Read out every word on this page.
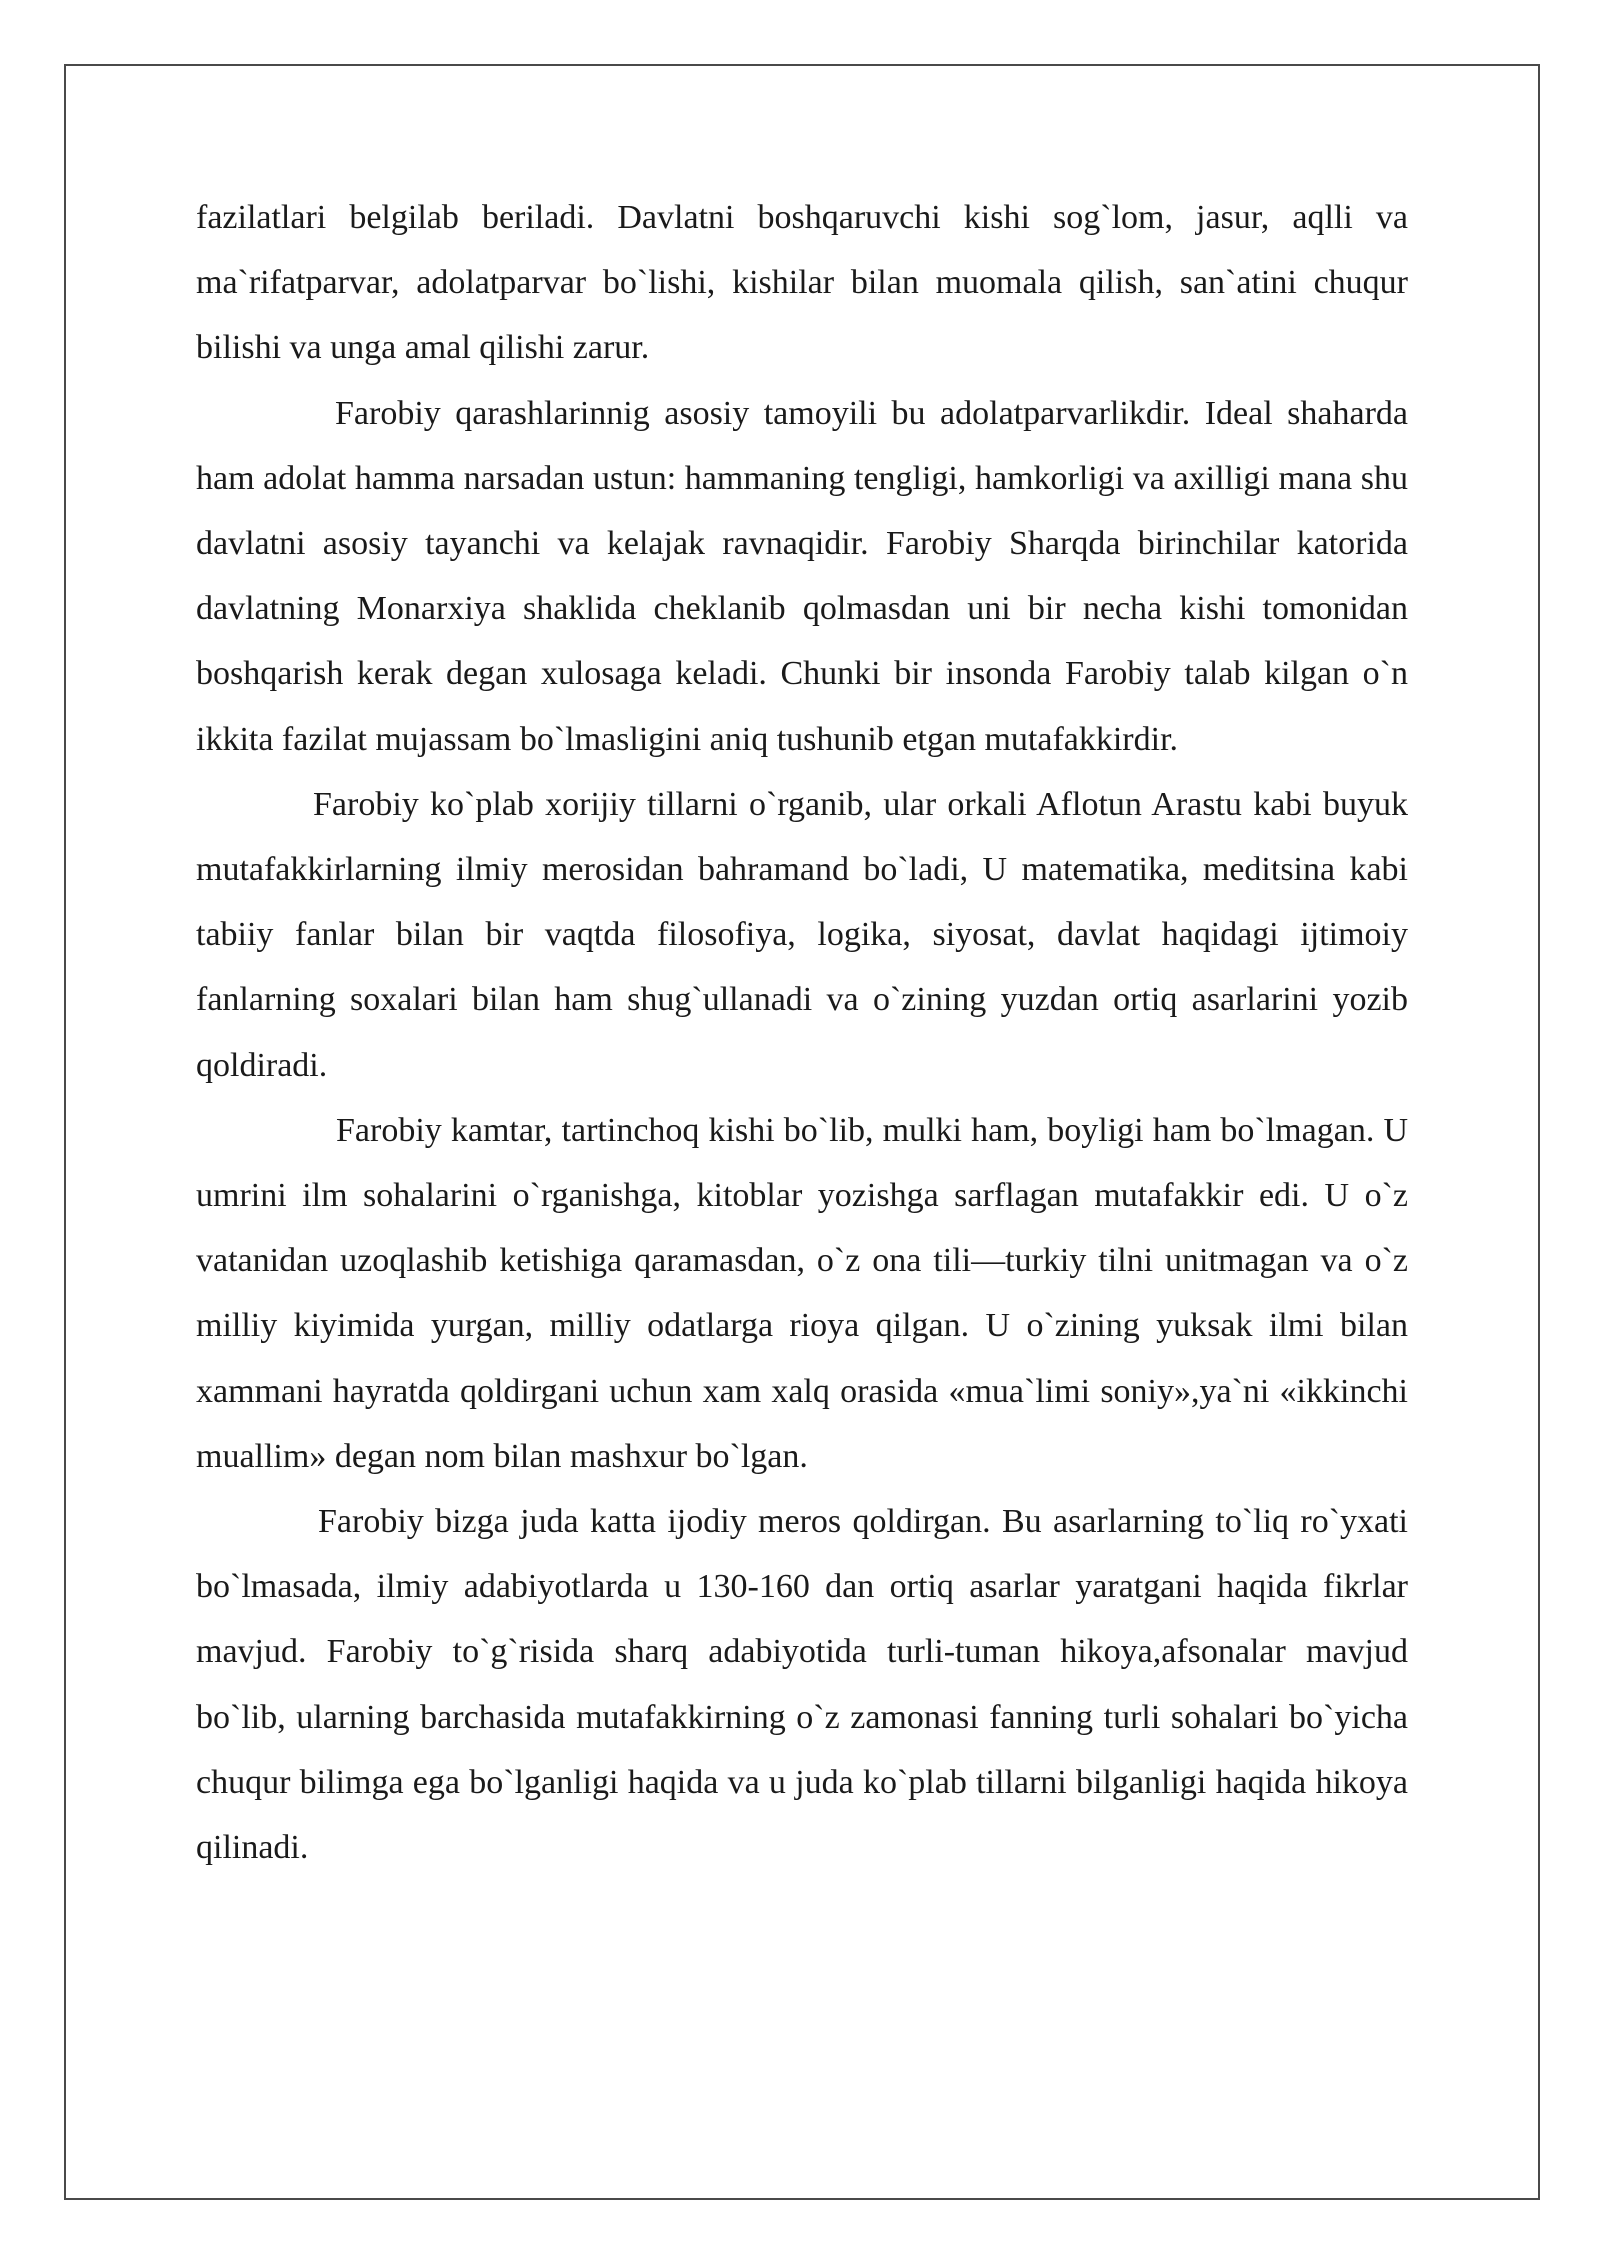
fazilatlari belgilab beriladi. Davlatni boshqaruvchi kishi sog`lom, jasur, aqlli va ma`rifatparvar, adolatparvar bo`lishi, kishilar bilan muomala qilish, san`atini chuqur bilishi va unga amal qilishi zarur.

Farobiy qarashlarinnig asosiy tamoyili bu adolatparvarlikdir. Ideal shaharda ham adolat hamma narsadan ustun: hammaning tengligi, hamkorligi va axilligi mana shu davlatni asosiy tayanchi va kelajak ravnaqidir. Farobiy Sharqda birinchilar katorida davlatning Monarxiya shaklida cheklanib qolmasdan uni bir necha kishi tomonidan boshqarish kerak degan xulosaga keladi. Chunki bir insonda Farobiy talab kilgan o`n ikkita fazilat mujassam bo`lmasligini aniq tushunib etgan mutafakkirdir.

Farobiy ko`plab xorijiy tillarni o`rganib, ular orkali Aflotun Arastu kabi buyuk mutafakkirlarning ilmiy merosidan bahramand bo`ladi, U matematika, meditsina kabi tabiiy fanlar bilan bir vaqtda filosofiya, logika, siyosat, davlat haqidagi ijtimoiy fanlarning soxalari bilan ham shug`ullanadi va o`zining yuzdan ortiq asarlarini yozib qoldiradi.

Farobiy kamtar, tartinchoq kishi bo`lib, mulki ham, boyligi ham bo`lmagan. U umrini ilm sohalarini o`rganishga, kitoblar yozishga sarflagan mutafakkir edi. U o`z vatanidan uzoqlashib ketishiga qaramasdan, o`z ona tili—turkiy tilni unitmagan va o`z milliy kiyimida yurgan, milliy odatlarga rioya qilgan. U o`zining yuksak ilmi bilan xammani hayratda qoldirgani uchun xam xalq orasida «mua`limi soniy»,ya`ni «ikkinchi muallim» degan nom bilan mashxur bo`lgan.

Farobiy bizga juda katta ijodiy meros qoldirgan. Bu asarlarning to`liq ro`yxati bo`lmasada, ilmiy adabiyotlarda u 130-160 dan ortiq asarlar yaratgani haqida fikrlar mavjud. Farobiy to`g`risida sharq adabiyotida turli-tuman hikoya,afsonalar mavjud bo`lib, ularning barchasida mutafakkirning o`z zamonasi fanning turli sohalari bo`yicha chuqur bilimga ega bo`lganligi haqida va u juda ko`plab tillarni bilganligi haqida hikoya qilinadi.
